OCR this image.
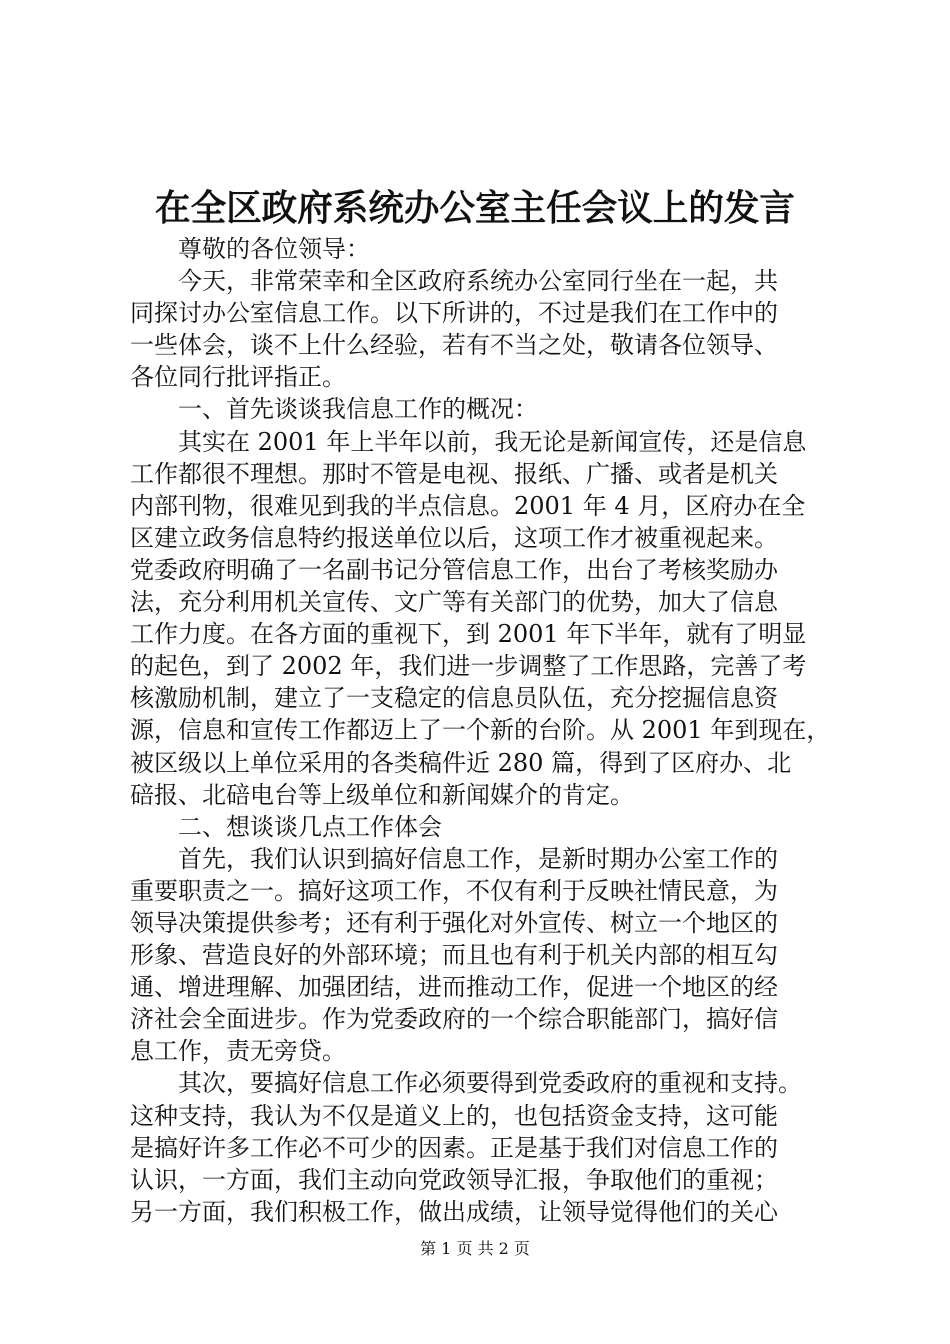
在全区政府系统办公室主任会议上的发言
尊敬的各位领导：
今天，非常荣幸和全区政府系统办公室同行坐在一起，共
同探讨办公室信息工作。以下所讲的，不过是我们在工作中的
一些体会，谈不上什么经验，若有不当之处，敬请各位领导、
各位同行批评指正。
一、首先谈谈我信息工作的概况：
其实在 2001 年上半年以前，我无论是新闻宣传，还是信息
工作都很不理想。那时不管是电视、报纸、广播、或者是机关
内部刊物，很难见到我的半点信息。2001 年 4 月，区府办在全
区建立政务信息特约报送单位以后，这项工作才被重视起来。
党委政府明确了一名副书记分管信息工作，出台了考核奖励办
法，充分利用机关宣传、文广等有关部门的优势，加大了信息
工作力度。在各方面的重视下，到 2001 年下半年，就有了明显
的起色，到了 2002 年，我们进一步调整了工作思路，完善了考
核激励机制，建立了一支稳定的信息员队伍，充分挖掘信息资
源，信息和宣传工作都迈上了一个新的台阶。从 2001 年到现在，
被区级以上单位采用的各类稿件近 280 篇，得到了区府办、北
碚报、北碚电台等上级单位和新闻媒介的肯定。
二、想谈谈几点工作体会
首先，我们认识到搞好信息工作，是新时期办公室工作的
重要职责之一。搞好这项工作，不仅有利于反映社情民意，为
领导决策提供参考；还有利于强化对外宣传、树立一个地区的
形象、营造良好的外部环境；而且也有利于机关内部的相互勾
通、增进理解、加强团结，进而推动工作，促进一个地区的经
济社会全面进步。作为党委政府的一个综合职能部门，搞好信
息工作，责无旁贷。
其次，要搞好信息工作必须要得到党委政府的重视和支持。
这种支持，我认为不仅是道义上的，也包括资金支持，这可能
是搞好许多工作必不可少的因素。正是基于我们对信息工作的
认识，一方面，我们主动向党政领导汇报，争取他们的重视；
另一方面，我们积极工作，做出成绩，让领导觉得他们的关心
第 1 页 共 2 页
